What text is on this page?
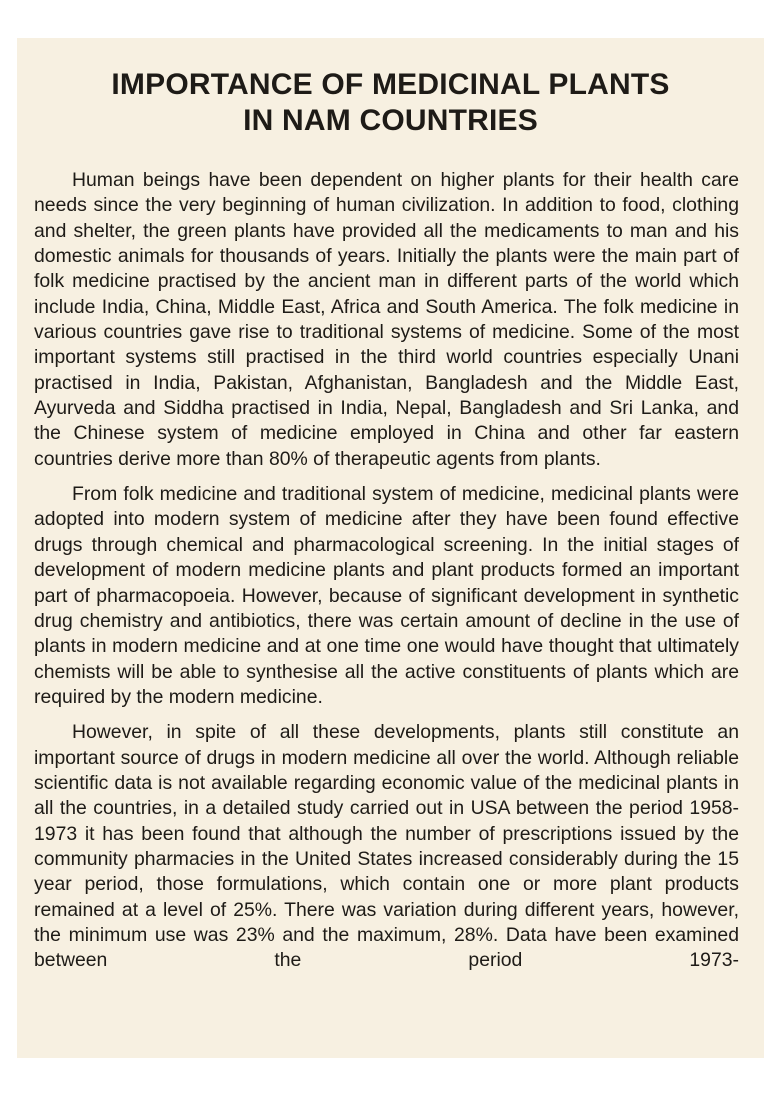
IMPORTANCE OF MEDICINAL PLANTS
IN NAM COUNTRIES

Human beings have been dependent on higher plants for their health care needs since the very beginning of human civilization. In addition to food, clothing and shelter, the green plants have provided all the medicaments to man and his domestic animals for thousands of years. Initially the plants were the main part of folk medicine practised by the ancient man in different parts of the world which include India, China, Middle East, Africa and South America. The folk medicine in various countries gave rise to traditional systems of medicine. Some of the most important systems still practised in the third world countries especially Unani practised in India, Pakistan, Afghanistan, Bangladesh and the Middle East, Ayurveda and Siddha practised in India, Nepal, Bangladesh and Sri Lanka, and the Chinese system of medicine employed in China and other far eastern countries derive more than 80% of therapeutic agents from plants.

From folk medicine and traditional system of medicine, medicinal plants were adopted into modern system of medicine after they have been found effective drugs through chemical and pharmacological screening. In the initial stages of development of modern medicine plants and plant products formed an important part of pharmacopoeia. However, because of significant development in synthetic drug chemistry and antibiotics, there was certain amount of decline in the use of plants in modern medicine and at one time one would have thought that ultimately chemists will be able to synthesise all the active constituents of plants which are required by the modern medicine.

However, in spite of all these developments, plants still constitute an important source of drugs in modern medicine all over the world. Although reliable scientific data is not available regarding economic value of the medicinal plants in all the countries, in a detailed study carried out in USA between the period 1958-1973 it has been found that although the number of prescriptions issued by the community pharmacies in the United States increased considerably during the 15 year period, those formulations, which contain one or more plant products remained at a level of 25%. There was variation during different years, however, the minimum use was 23% and the maximum, 28%. Data have been examined between the period 1973-
